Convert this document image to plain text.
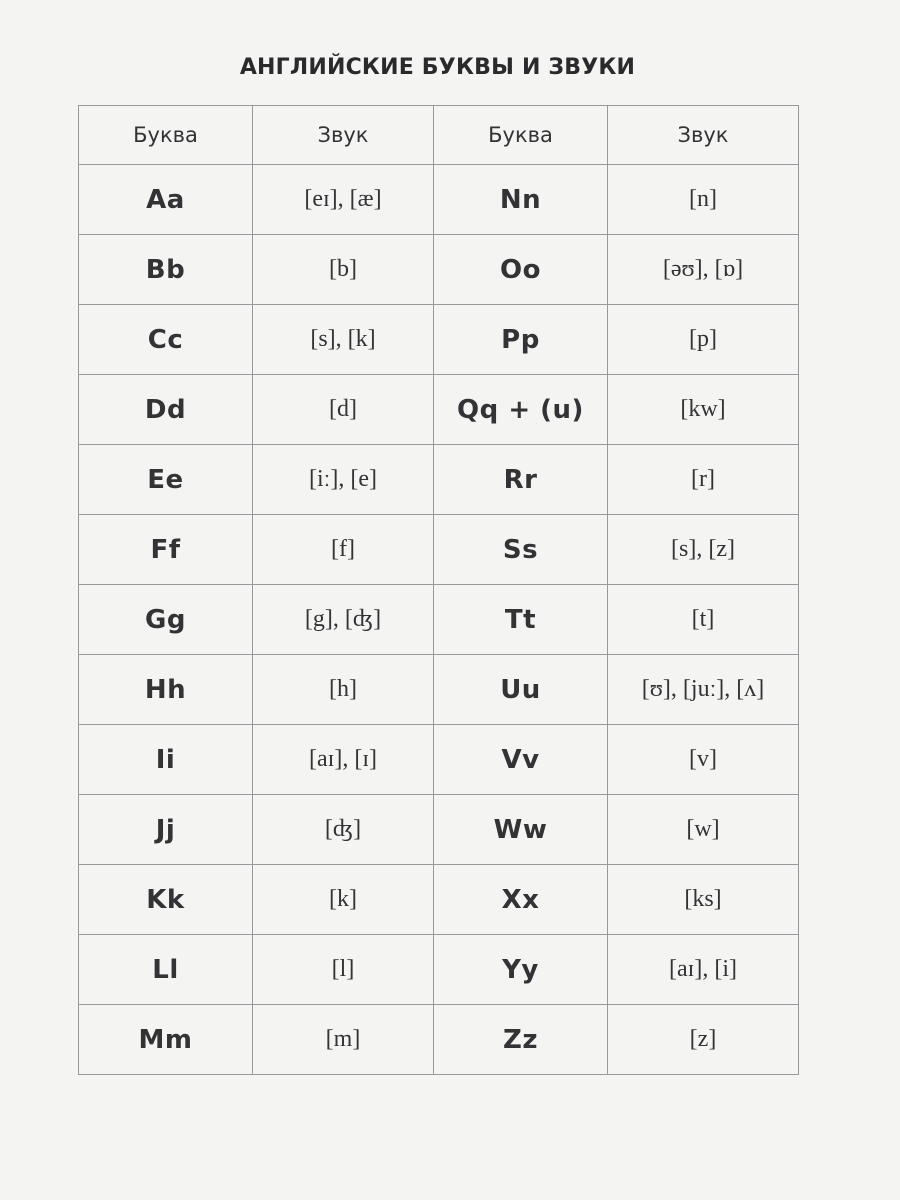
АНГЛИЙСКИЕ БУКВЫ И ЗВУКИ
Буква	Звук	Буква	Звук
Aa	[eɪ], [æ]	Nn	[n]
Bb	[b]	Oo	[əʊ], [ɒ]
Cc	[s], [k]	Pp	[p]
Dd	[d]	Qq + (u)	[kw]
Ee	[iː], [e]	Rr	[r]
Ff	[f]	Ss	[s], [z]
Gg	[g], [ʤ]	Tt	[t]
Hh	[h]	Uu	[ʊ], [juː], [ʌ]
Ii	[aɪ], [ɪ]	Vv	[v]
Jj	[ʤ]	Ww	[w]
Kk	[k]	Xx	[ks]
Ll	[l]	Yy	[aɪ], [i]
Mm	[m]	Zz	[z]
